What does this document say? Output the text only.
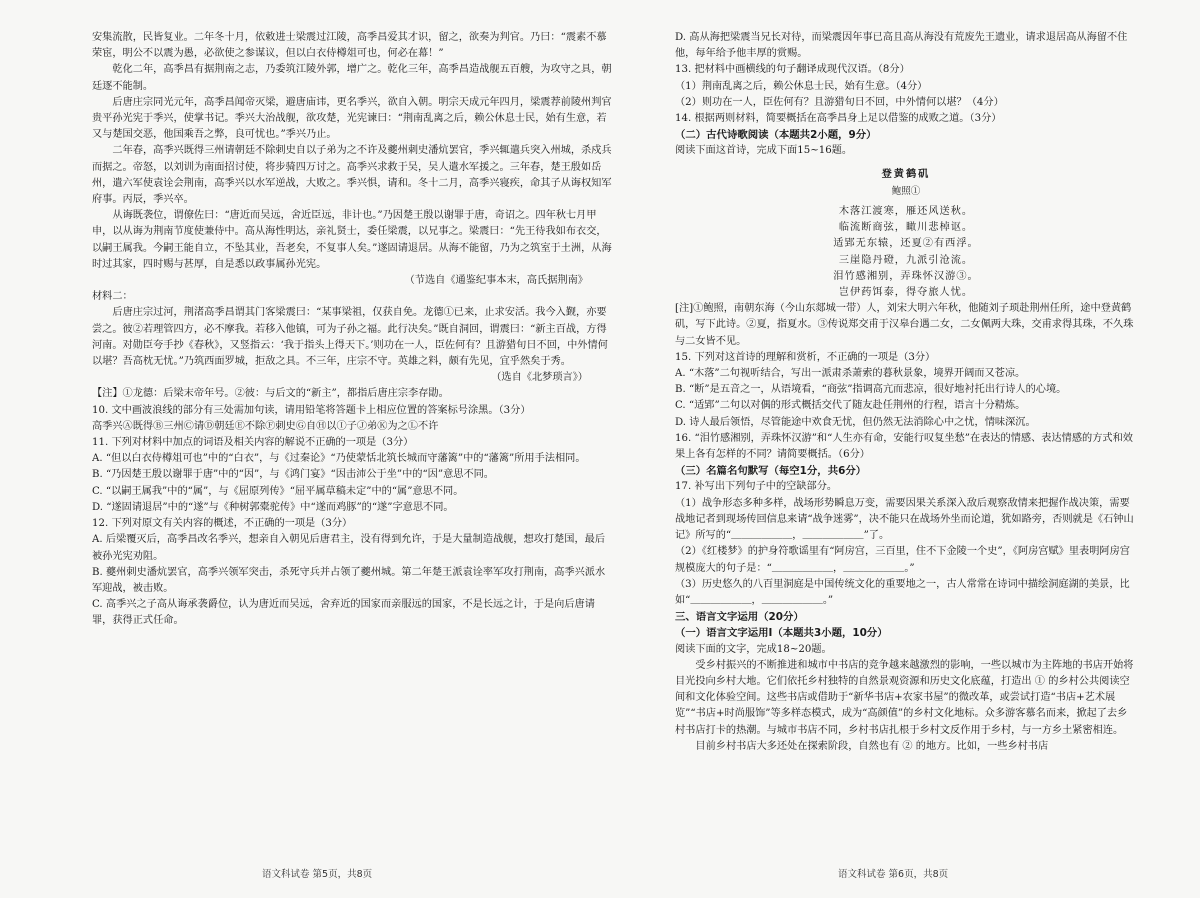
安集流散，民皆复业。二年冬十月，依敕进士梁震过江陵，高季昌爱其才识，留之，欲奏为判官。乃曰：“震素不慕荣宦，明公不以震为愚，必欲使之参谋议，但以白衣侍樽俎可也，何必在幕！”

乾化二年，高季昌有据荆南之志，乃委筑江陵外郭，增广之。乾化三年，高季昌造战舰五百艘，为攻守之具，朝廷逐不能制。

后唐庄宗同光元年，高季昌闻帝灭梁，避唐庙讳，更名季兴，欲自入朝。明宗天成元年四月，梁震荐前陵州判官贵平孙光宪于季兴，使掌书记。季兴大治战舰，欲攻楚，光宪谏曰：“荆南乱离之后，赖公休息士民，始有生意，若又与楚国交恶，他国乘吾之弊，良可忧也。”季兴乃止。

二年春，高季兴既得三州请朝廷不除刺史自以子弟为之不许及夔州刺史潘炕罢官，季兴辄遣兵突入州城，杀戍兵而据之。帝怒，以刘训为南面招讨使，将步骑四万讨之。高季兴求救于吴，吴人遣水军援之。三年春，楚王殷如岳州，遣六军使袁诠会荆南，高季兴以水军逆战，大败之。季兴惧，请和。冬十二月，高季兴寝疾，命其子从诲权知军府事。丙辰，季兴卒。

从诲既袭位，谓僚佐曰：“唐近而吴远，舍近臣远，非计也。”乃因楚王殷以谢罪于唐，奇诏之。四年秋七月甲申，以从诲为荆南节度使兼侍中。高从海性明达，亲礼贤士，委任梁震，以兄事之。梁震曰：“先王待我如布衣交，以嗣王属我。今嗣王能自立，不坠其业，吾老矣，不复事人矣。”遂固请退居。从海不能留，乃为之筑室于土洲，从海时过其家，四时赐与甚厚，自是悉以政事属孙光宪。

（节选自《通鉴纪事本末，高氏据荆南》

材料二：

后唐庄宗过河，荆渚高季昌谓其门客梁震曰：“某事梁祖，仅获自免。龙德①已来，止求安活。我今入觐，亦要尝之。彼②若理管四方，必不摩我。若移入他镇，可为子孙之福。此行决矣。”既自洞回，谓震曰：“新主百战，方得河南。对勋臣夸手抄《春秋》，又竖指云：‘我于指头上得天下。’则功在一人，臣佐何有？且游猎旬日不回，中外情何以堪？吾高枕无忧。”乃筑西面罗城，拒敌之具。不三年，庄宗不守。英雄之料，颇有先见，宜乎然矣于秀。

（选自《北梦琐言》）

【注】①龙德：后梁末帝年号。②彼：与后文的“新主”，都指后唐庄宗李存勖。

10. 文中画波浪线的部分有三处需加句读，请用铅笔将答题卡上相应位置的答案标号涂黑。（3分）

高季兴Ⓐ既得Ⓑ三州Ⓒ请Ⓓ朝廷Ⓔ不除Ⓕ刺史Ⓖ自Ⓗ以Ⓘ子Ⓙ弟Ⓚ为之Ⓛ不许

11. 下列对材料中加点的词语及相关内容的解说不正确的一项是（3分）

A. “但以白衣侍樽俎可也”中的“白衣”，与《过秦论》“乃使蒙恬北筑长城而守藩篱”中的“藩篱”所用手法相同。

B. “乃因楚王殷以谢罪于唐”中的“因”，与《鸿门宴》“因击沛公于坐”中的“因”意思不同。

C. “以嗣王属我”中的“属”，与《屈原列传》“屈平属草稿未定”中的“属”意思不同。

D. “遂固请退居”中的“遂”与《种树郭橐驼传》中“遂而鸡豚”的“遂”字意思不同。

12. 下列对原文有关内容的概述，不正确的一项是（3分）

A. 后梁覆灭后，高季昌改名季兴，想亲自入朝见后唐君主，没有得到允许，于是大量制造战舰，想攻打楚国，最后被孙光宪劝阻。

B. 夔州刺史潘炕罢官，高季兴领军突击，杀死守兵并占领了夔州城。第二年楚王派袁诠率军攻打荆南，高季兴派水军迎战，被击败。

C. 高季兴之子高从诲承袭爵位，认为唐近而吴远，舍弃近的国家而亲服远的国家，不是长远之计，于是向后唐请罪，获得正式任命。

D. 高从海把梁震当兄长对待，而梁震因年事已高且高从海没有荒废先王遗业，请求退居高从海留不住他，每年给予他丰厚的赏赐。

13. 把材料中画横线的句子翻译成现代汉语。（8分）

（1）荆南乱离之后，赖公休息士民，始有生意。（4分）

（2）则功在一人，臣佐何有？且游猎旬日不回，中外情何以堪？（4分）

14. 根据两则材料，简要概括在高季昌身上足以借鉴的成败之道。（3分）

（二）古代诗歌阅读（本题共2小题，9分）

阅读下面这首诗，完成下面15~16题。

登黄鹤矶

鲍照①

木落江渡寒，雁还风送秋。

临流断商弦，瞰川悲棹讴。

适郢无东辕，还夏②有西浮。

三崖隐丹磴，九派引沧流。

泪竹感湘别，弄珠怀汉游③。

岂伊药饵泰，得夺旅人忧。

[注]①鲍照，南朝东海（今山东郯城一带）人，刘宋大明六年秋，他随刘子顼赴荆州任所，途中登黄鹤矶，写下此诗。②夏，指夏水。③传说郑交甫于汉皋台遇二女，二女佩两大珠，交甫求得其珠，不久珠与二女皆不见。

15. 下列对这首诗的理解和赏析，不正确的一项是（3分）

A. “木落”二句视听结合，写出一派肃杀萧索的暮秋景象，境界开阔而又苍凉。

B. “断”是五音之一，从语境看，“商弦”指调高亢而悲凉，很好地衬托出行诗人的心境。

C. “适郢”二句以对偶的形式概括交代了随友赴任荆州的行程，语言十分精炼。

D. 诗人最后领悟，尽管能途中欢食无忧，但仍然无法消除心中之忧，情味深沉。

16. “泪竹感湘别，弄珠怀汉游”和“人生亦有命，安能行叹复坐愁”在表达的情感、表达情感的方式和效果上各有怎样的不同？请简要概括。（6分）

（三）名篇名句默写（每空1分，共6分）

17. 补写出下列句子中的空缺部分。

（1）战争形态多种多样，战场形势瞬息万变，需要因果关系深入敌后观察敌情来把握作战决策，需要战地记者到现场传回信息来请“战争迷雾”，决不能只在战场外坐而论道，犹如路旁，否则就是《石钟山记》所写的“＿＿＿＿＿＿，＿＿＿＿＿＿”了。

（2）《红楼梦》的护身符歌谣里有“阿房宫，三百里，住不下金陵一个史”，《阿房宫赋》里表明阿房宫规模庞大的句子是：“＿＿＿＿＿＿，＿＿＿＿＿＿。”

（3）历史悠久的八百里洞庭是中国传统文化的重要地之一，古人常常在诗词中描绘洞庭湖的美景，比如“＿＿＿＿＿＿，＿＿＿＿＿＿。”

三、语言文字运用（20分）

（一）语言文字运用Ⅰ（本题共3小题，10分）

阅读下面的文字，完成18~20题。

受乡村振兴的不断推进和城市中书店的竞争越来越激烈的影响，一些以城市为主阵地的书店开始将目光投向乡村大地。它们依托乡村独特的自然景观资源和历史文化底蕴，打造出 ① 的乡村公共阅读空间和文化体验空间。这些书店或借助于“新华书店+农家书屋”的微改革，或尝试打造“书店+艺术展览”“书店+时尚服饰”等多样态模式，成为“高颜值”的乡村文化地标。众多游客慕名而来，掀起了去乡村书店打卡的热潮。与城市书店不同，乡村书店扎根于乡村文反作用于乡村，与一方乡土紧密相连。

目前乡村书店大多还处在探索阶段，自然也有 ② 的地方。比如，一些乡村书店

语文科试卷 第5页，共8页	语文科试卷 第6页，共8页
